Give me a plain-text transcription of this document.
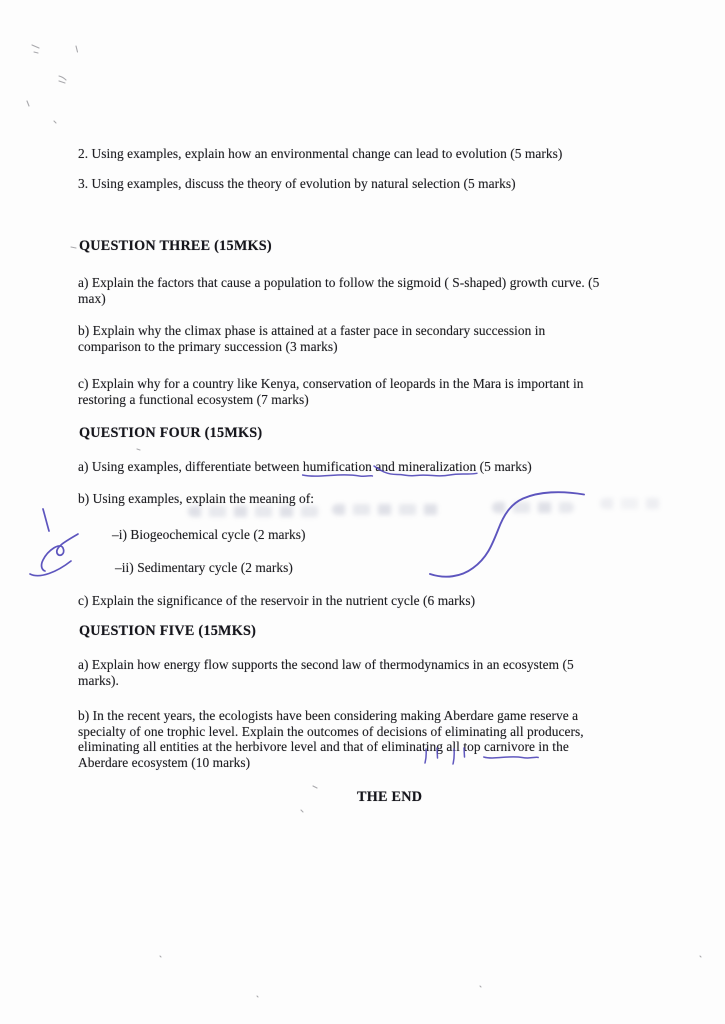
2. Using examples, explain how an environmental change can lead to evolution (5 marks)

3. Using examples, discuss the theory of evolution by natural selection (5 marks)

QUESTION THREE (15MKS)

a) Explain the factors that cause a population to follow the sigmoid ( S-shaped) growth curve. (5
max)

b) Explain why the climax phase is attained at a faster pace in secondary succession in
comparison to the primary succession (3 marks)

c) Explain why for a country like Kenya, conservation of leopards in the Mara is important in
restoring a functional ecosystem (7 marks)

QUESTION FOUR (15MKS)

a) Using examples, differentiate between humification and mineralization
(5 marks)

b) Using examples, explain the meaning of:

–i) Biogeochemical cycle (2 marks)

–ii) Sedimentary cycle (2 marks)

c) Explain the significance of the reservoir in the nutrient cycle (6 marks)

QUESTION FIVE (15MKS)

a) Explain how energy flow supports the second law of thermodynamics in an ecosystem (5
marks).

b) In the recent years, the ecologists have been considering making Aberdare game reserve a
specialty of one trophic level. Explain the outcomes of decisions of eliminating all producers,
eliminating all entities at the herbivore level and that of eliminating all top carnivore
in the
Aberdare ecosystem (10 marks)

THE END
